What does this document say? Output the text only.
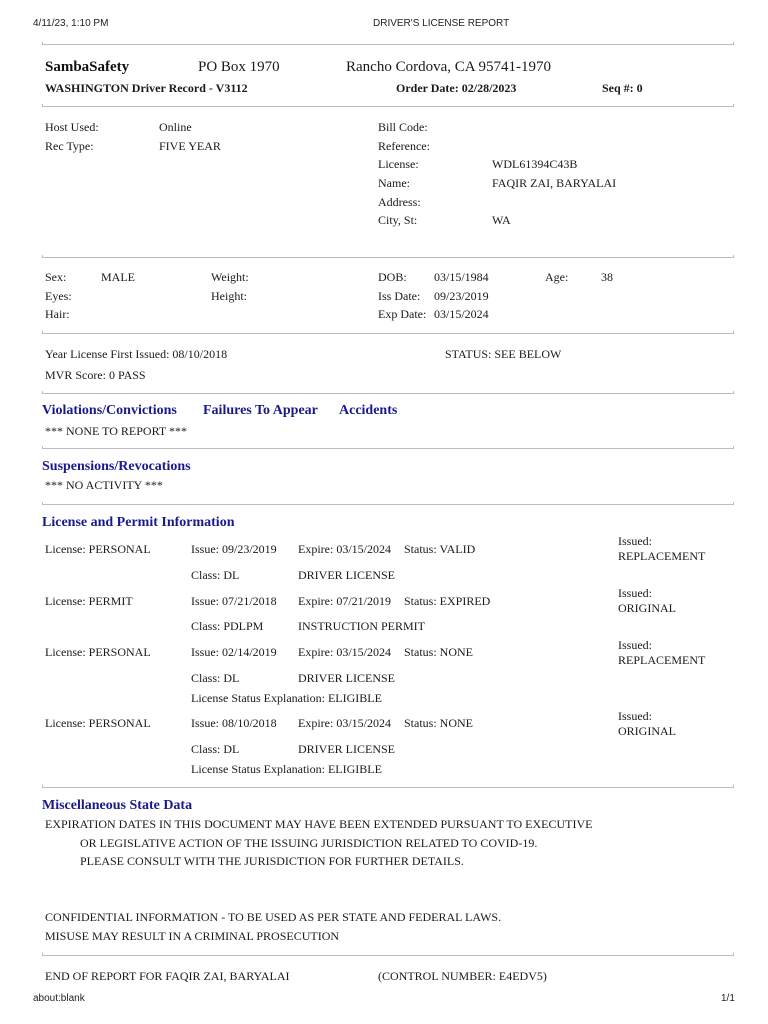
4/11/23, 1:10 PM	DRIVER'S LICENSE REPORT
SambaSafety	PO Box 1970	Rancho Cordova, CA 95741-1970
WASHINGTON Driver Record - V3112	Order Date: 02/28/2023	Seq #: 0
Host Used:	Online
Rec Type:	FIVE YEAR
Bill Code:
Reference:
License:	WDL61394C43B
Name:	FAQIR ZAI, BARYALAI
Address:
City, St:	WA
Sex:	MALE
Eyes:
Hair:
Weight:
Height:
DOB: 03/15/1984	Age:	38
Iss Date: 09/23/2019
Exp Date: 03/15/2024
Year License First Issued: 08/10/2018	STATUS: SEE BELOW
MVR Score: 0 PASS
Violations/Convictions Failures To Appear Accidents
*** NONE TO REPORT ***
Suspensions/Revocations
*** NO ACTIVITY ***
License and Permit Information
License: PERSONAL	Issue: 09/23/2019 Expire: 03/15/2024 Status: VALID
Issued:
REPLACEMENT
Class: DL	DRIVER LICENSE
License: PERMIT	Issue: 07/21/2018 Expire: 07/21/2019 Status: EXPIRED
Issued:
ORIGINAL
Class: PDLPM	INSTRUCTION PERMIT
License: PERSONAL	Issue: 02/14/2019 Expire: 03/15/2024 Status: NONE	Issued:
REPLACEMENT
Class: DL	DRIVER LICENSE
License Status Explanation: ELIGIBLE
License: PERSONAL	Issue: 08/10/2018 Expire: 03/15/2024 Status: NONE	Issued:
ORIGINAL
Class: DL	DRIVER LICENSE
License Status Explanation: ELIGIBLE
Miscellaneous State Data
EXPIRATION DATES IN THIS DOCUMENT MAY HAVE BEEN EXTENDED PURSUANT TO EXECUTIVE
OR LEGISLATIVE ACTION OF THE ISSUING JURISDICTION RELATED TO COVID-19.
PLEASE CONSULT WITH THE JURISDICTION FOR FURTHER DETAILS.
CONFIDENTIAL INFORMATION - TO BE USED AS PER STATE AND FEDERAL LAWS.
MISUSE MAY RESULT IN A CRIMINAL PROSECUTION
END OF REPORT FOR FAQIR ZAI, BARYALAI	(CONTROL NUMBER: E4EDV5)
about:blank	1/1
